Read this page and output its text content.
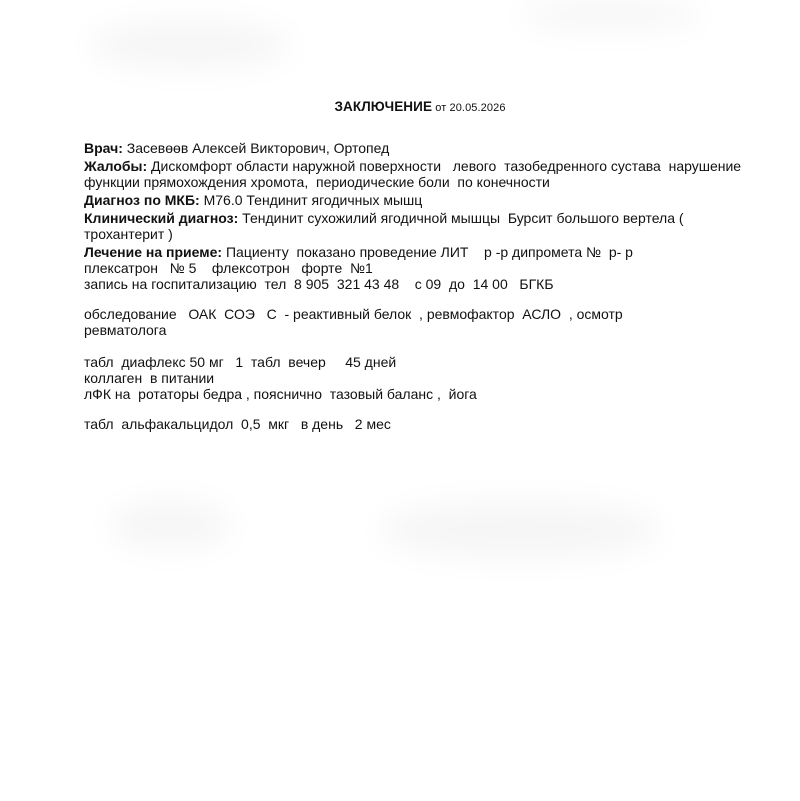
ЗАКЛЮЧЕНИЕ от 20.05.2026

Врач: Засевөөв Алексей Викторович, Ортопед

Жалобы: Дискомфорт области наружной поверхности   левого  тазобедренного сустава  нарушение функции прямохождения хромота,  периодические боли  по конечности

Диагноз по МКБ: M76.0 Тендинит ягодичных мышц

Клинический диагноз: Тендинит сухожилий ягодичной мышцы  Бурсит большого вертела ( трохантерит )

Лечение на приеме: Пациенту  показано проведение ЛИТ    р -р дипромета №  р- р плексатрон   № 5    флексотрон   форте  №1

запись на госпитализацию  тел  8 905  321 43 48    с 09  до  14 00   БГКБ

обследование   ОАК  СОЭ   С  - реактивный белок  , ревмофактор  АСЛО  , осмотр ревматолога

табл  диафлекс 50 мг   1  табл  вечер     45 дней

коллаген  в питании

лФК на  ротаторы бедра , пояснично  тазовый баланс ,  йога

табл  альфакальцидол  0,5  мкг   в день   2 мес
